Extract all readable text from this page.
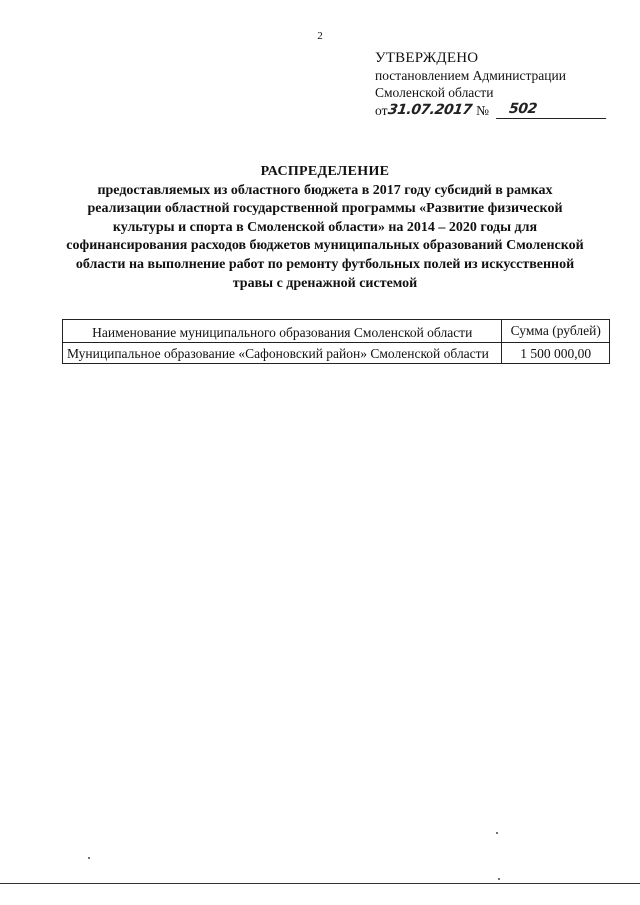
2
УТВЕРЖДЕНО
постановлением Администрации
Смоленской области
от 31.07.2017 №	502
РАСПРЕДЕЛЕНИЕ
предоставляемых из областного бюджета в 2017 году субсидий в рамках реализации областной государственной программы «Развитие физической культуры и спорта в Смоленской области» на 2014 – 2020 годы для софинансирования расходов бюджетов муниципальных образований Смоленской области на выполнение работ по ремонту футбольных полей из искусственной травы с дренажной системой
Наименование муниципального образования Смоленской области	Сумма (рублей)
Муниципальное образование «Сафоновский район» Смоленской области	1 500 000,00
